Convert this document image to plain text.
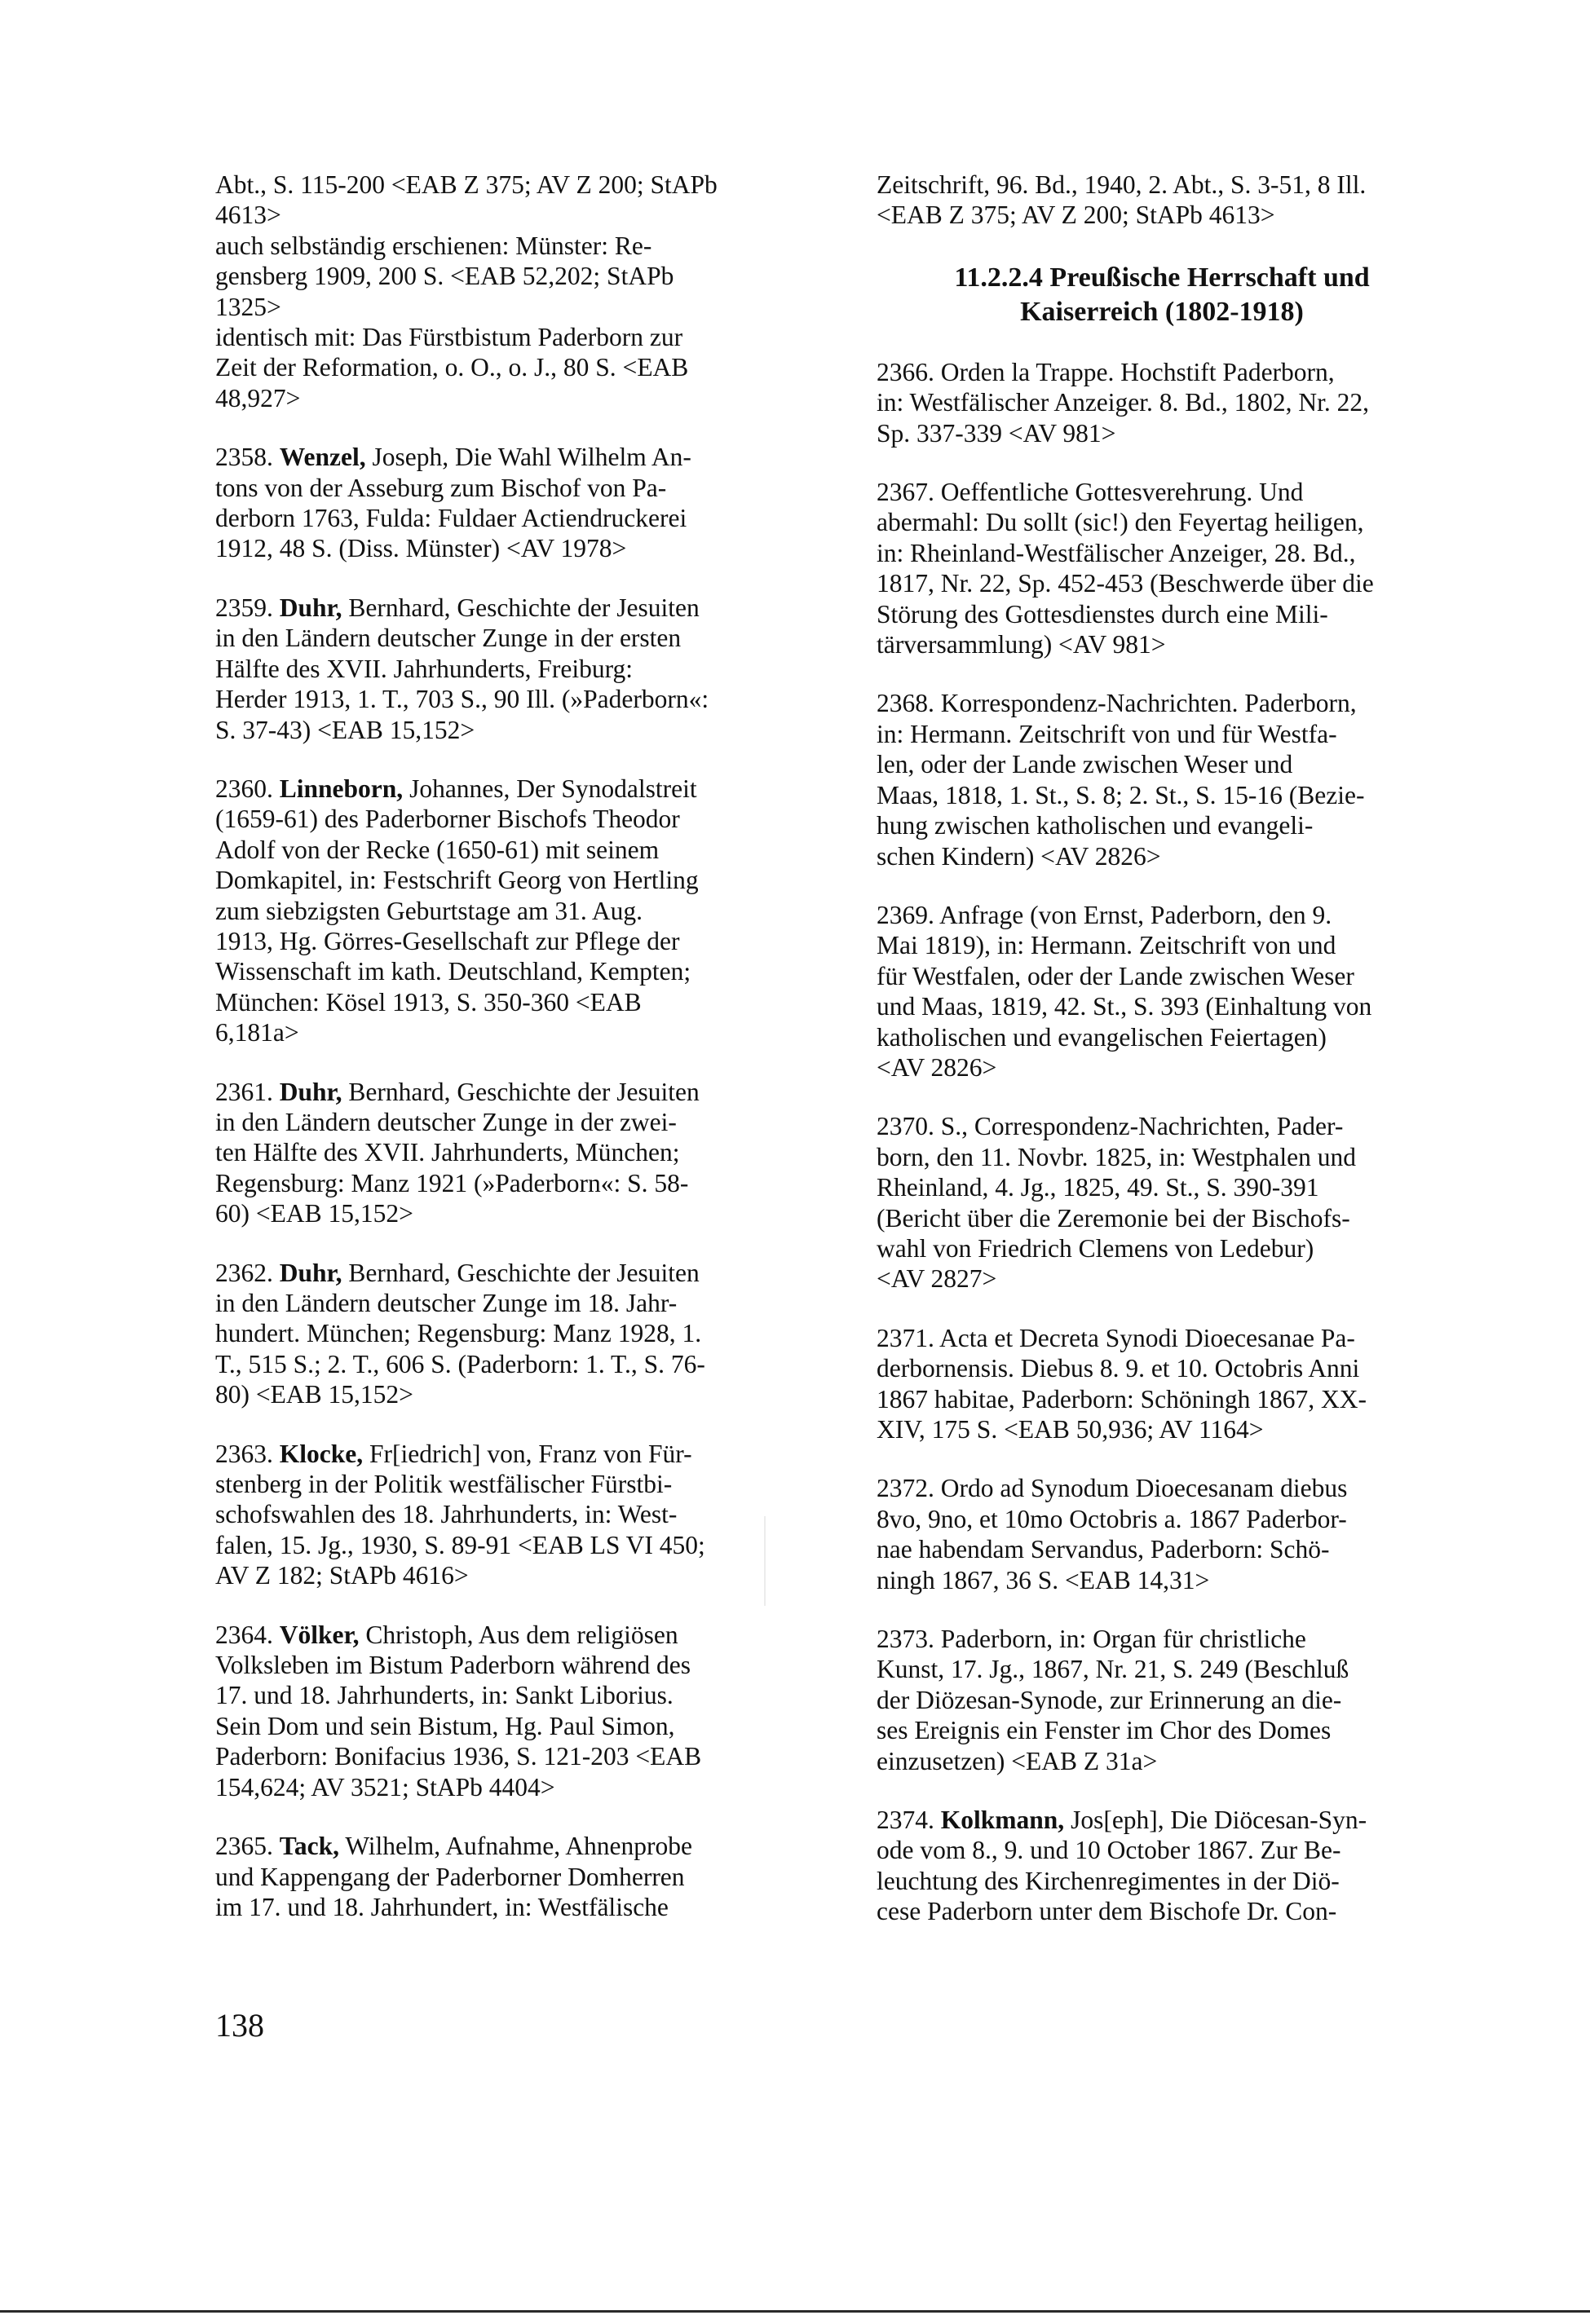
Abt., S. 115-200 <EAB Z 375; AV Z 200; StAPb
4613>
auch selbständig erschienen: Münster: Re-
gensberg 1909, 200 S. <EAB 52,202; StAPb
1325>
identisch mit: Das Fürstbistum Paderborn zur
Zeit der Reformation, o. O., o. J., 80 S. <EAB
48,927>
2358. Wenzel, Joseph, Die Wahl Wilhelm An-
tons von der Asseburg zum Bischof von Pa-
derborn 1763, Fulda: Fuldaer Actiendruckerei
1912, 48 S. (Diss. Münster) <AV 1978>
2359. Duhr, Bernhard, Geschichte der Jesuiten
in den Ländern deutscher Zunge in der ersten
Hälfte des XVII. Jahrhunderts, Freiburg:
Herder 1913, 1. T., 703 S., 90 Ill. (»Paderborn«:
S. 37-43) <EAB 15,152>
2360. Linneborn, Johannes, Der Synodalstreit
(1659-61) des Paderborner Bischofs Theodor
Adolf von der Recke (1650-61) mit seinem
Domkapitel, in: Festschrift Georg von Hertling
zum siebzigsten Geburtstage am 31. Aug.
1913, Hg. Görres-Gesellschaft zur Pflege der
Wissenschaft im kath. Deutschland, Kempten;
München: Kösel 1913, S. 350-360 <EAB
6,181a>
2361. Duhr, Bernhard, Geschichte der Jesuiten
in den Ländern deutscher Zunge in der zwei-
ten Hälfte des XVII. Jahrhunderts, München;
Regensburg: Manz 1921 (»Paderborn«: S. 58-
60) <EAB 15,152>
2362. Duhr, Bernhard, Geschichte der Jesuiten
in den Ländern deutscher Zunge im 18. Jahr-
hundert. München; Regensburg: Manz 1928, 1.
T., 515 S.; 2. T., 606 S. (Paderborn: 1. T., S. 76-
80) <EAB 15,152>
2363. Klocke, Fr[iedrich] von, Franz von Für-
stenberg in der Politik westfälischer Fürstbi-
schofswahlen des 18. Jahrhunderts, in: West-
falen, 15. Jg., 1930, S. 89-91 <EAB LS VI 450;
AV Z 182; StAPb 4616>
2364. Völker, Christoph, Aus dem religiösen
Volksleben im Bistum Paderborn während des
17. und 18. Jahrhunderts, in: Sankt Liborius.
Sein Dom und sein Bistum, Hg. Paul Simon,
Paderborn: Bonifacius 1936, S. 121-203 <EAB
154,624; AV 3521; StAPb 4404>
2365. Tack, Wilhelm, Aufnahme, Ahnenprobe
und Kappengang der Paderborner Domherren
im 17. und 18. Jahrhundert, in: Westfälische
Zeitschrift, 96. Bd., 1940, 2. Abt., S. 3-51, 8 Ill.
<EAB Z 375; AV Z 200; StAPb 4613>
11.2.2.4 Preußische Herrschaft und
Kaiserreich (1802-1918)
2366. Orden la Trappe. Hochstift Paderborn,
in: Westfälischer Anzeiger. 8. Bd., 1802, Nr. 22,
Sp. 337-339 <AV 981>
2367. Oeffentliche Gottesverehrung. Und
abermahl: Du sollt (sic!) den Feyertag heiligen,
in: Rheinland-Westfälischer Anzeiger, 28. Bd.,
1817, Nr. 22, Sp. 452-453 (Beschwerde über die
Störung des Gottesdienstes durch eine Mili-
tärversammlung) <AV 981>
2368. Korrespondenz-Nachrichten. Paderborn,
in: Hermann. Zeitschrift von und für Westfa-
len, oder der Lande zwischen Weser und
Maas, 1818, 1. St., S. 8; 2. St., S. 15-16 (Bezie-
hung zwischen katholischen und evangeli-
schen Kindern) <AV 2826>
2369. Anfrage (von Ernst, Paderborn, den 9.
Mai 1819), in: Hermann. Zeitschrift von und
für Westfalen, oder der Lande zwischen Weser
und Maas, 1819, 42. St., S. 393 (Einhaltung von
katholischen und evangelischen Feiertagen)
<AV 2826>
2370. S., Correspondenz-Nachrichten, Pader-
born, den 11. Novbr. 1825, in: Westphalen und
Rheinland, 4. Jg., 1825, 49. St., S. 390-391
(Bericht über die Zeremonie bei der Bischofs-
wahl von Friedrich Clemens von Ledebur)
<AV 2827>
2371. Acta et Decreta Synodi Dioecesanae Pa-
derbornensis. Diebus 8. 9. et 10. Octobris Anni
1867 habitae, Paderborn: Schöningh 1867, XX-
XIV, 175 S. <EAB 50,936; AV 1164>
2372. Ordo ad Synodum Dioecesanam diebus
8vo, 9no, et 10mo Octobris a. 1867 Paderbor-
nae habendam Servandus, Paderborn: Schö-
ningh 1867, 36 S. <EAB 14,31>
2373. Paderborn, in: Organ für christliche
Kunst, 17. Jg., 1867, Nr. 21, S. 249 (Beschluß
der Diözesan-Synode, zur Erinnerung an die-
ses Ereignis ein Fenster im Chor des Domes
einzusetzen) <EAB Z 31a>
2374. Kolkmann, Jos[eph], Die Diöcesan-Syn-
ode vom 8., 9. und 10 October 1867. Zur Be-
leuchtung des Kirchenregimentes in der Diö-
cese Paderborn unter dem Bischofe Dr. Con-
138
